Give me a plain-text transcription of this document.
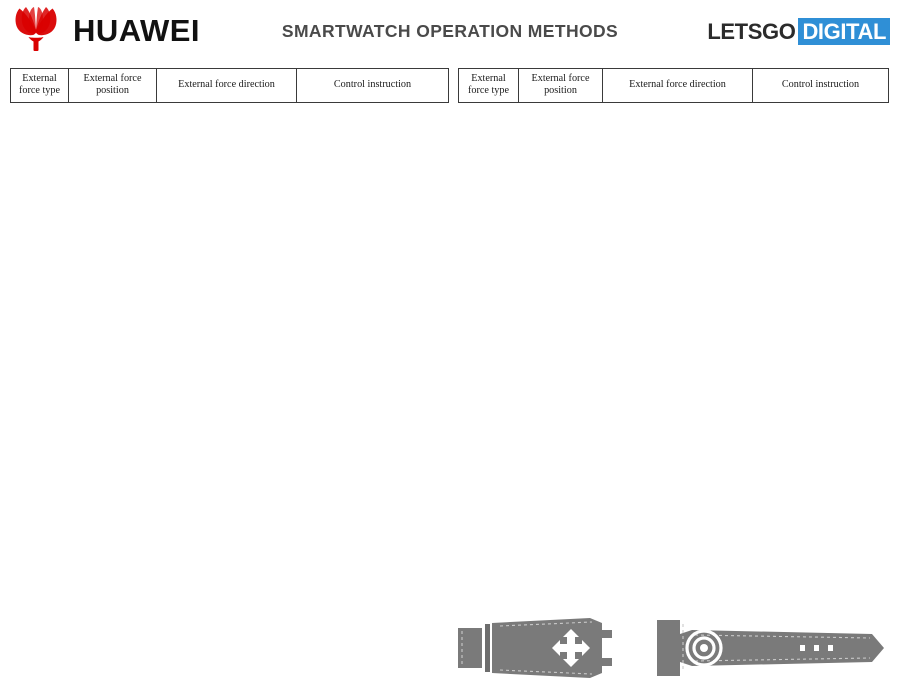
HUAWEI	SMARTWATCH OPERATION METHODS	LETSGO DIGITAL
External force type	External force position	External force direction	Control instruction
External force type	External force position	External force direction	Control instruction
